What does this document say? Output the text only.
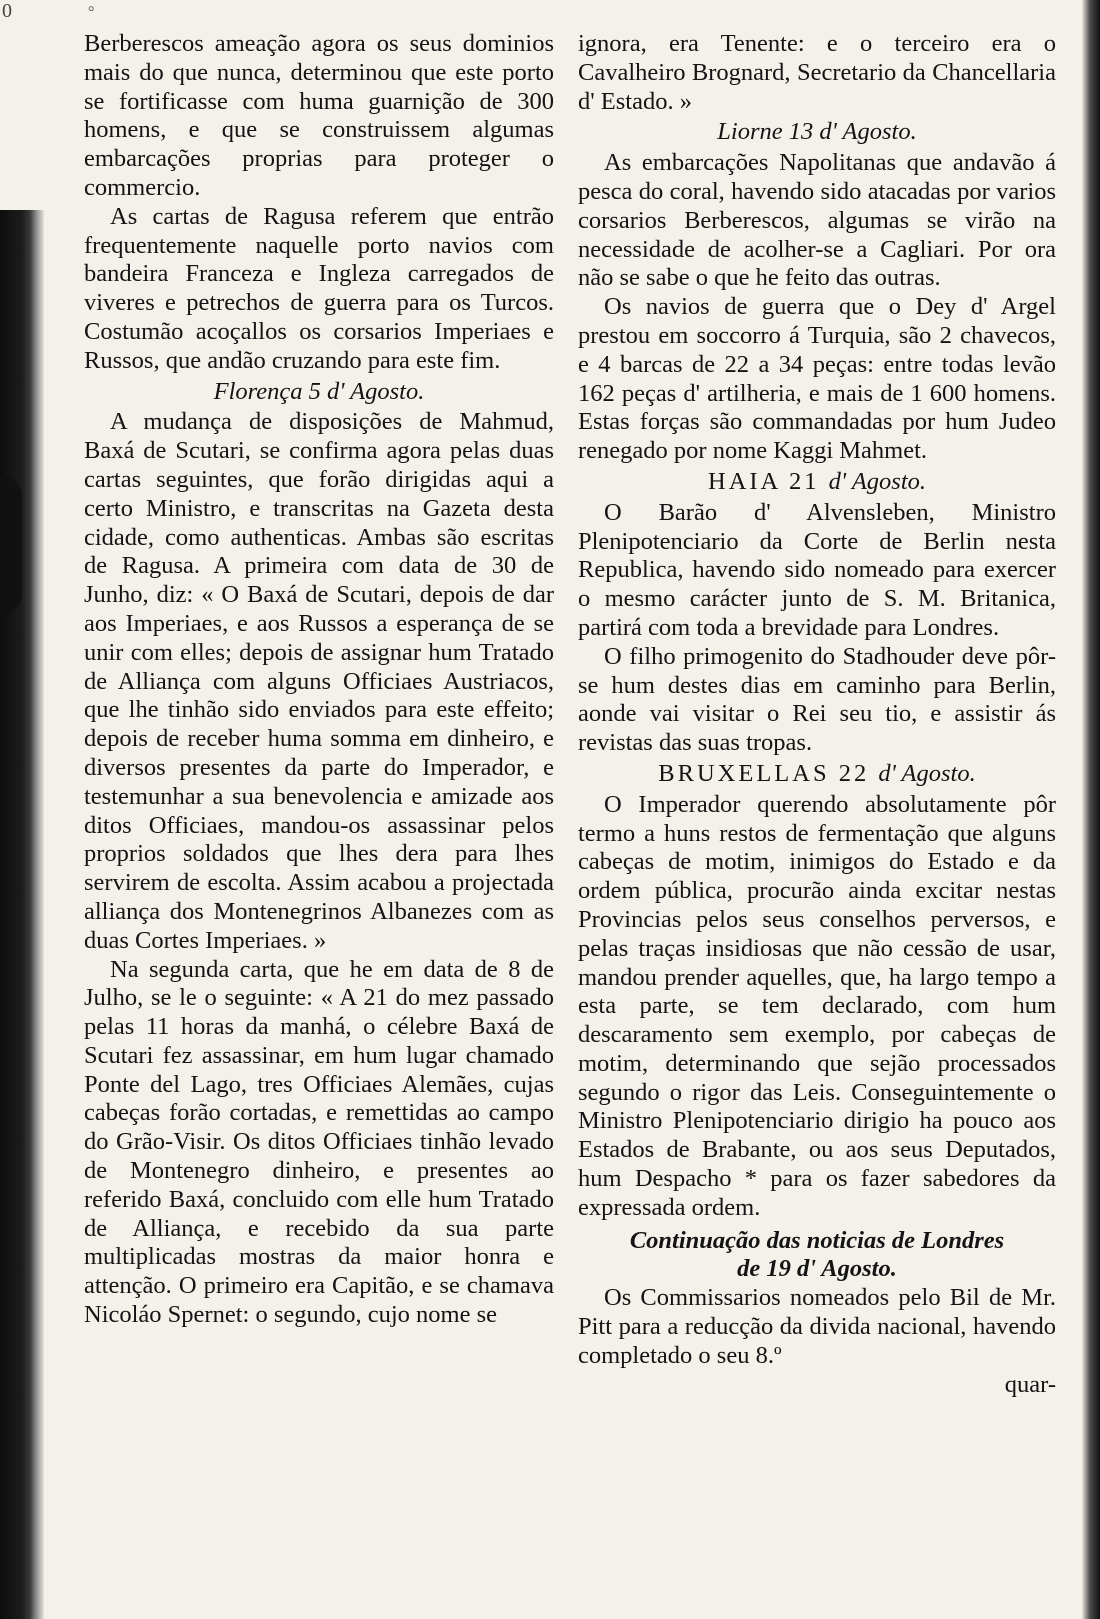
0	°

Berberescos ameação agora os seus dominios mais do que nunca, determinou que este porto se fortificasse com huma guarnição de 300 homens, e que se construissem algumas embarcações proprias para proteger o commercio.

As cartas de Ragusa referem que entrão frequentemente naquelle porto navios com bandeira Franceza e Ingleza carregados de viveres e petrechos de guerra para os Turcos. Costumão acoçallos os corsarios Imperiaes e Russos, que andão cruzando para este fim.

Florença 5 d' Agosto.

A mudança de disposições de Mahmud, Baxá de Scutari, se confirma agora pelas duas cartas seguintes, que forão dirigidas aqui a certo Ministro, e transcritas na Gazeta desta cidade, como authenticas. Ambas são escritas de Ragusa. A primeira com data de 30 de Junho, diz: « O Baxá de Scutari, depois de dar aos Imperiaes, e aos Russos a esperança de se unir com elles; depois de assignar hum Tratado de Alliança com alguns Officiaes Austriacos, que lhe tinhão sido enviados para este effeito; depois de receber huma somma em dinheiro, e diversos presentes da parte do Imperador, e testemunhar a sua benevolencia e amizade aos ditos Officiaes, mandou-os assassinar pelos proprios soldados que lhes dera para lhes servirem de escolta. Assim acabou a projectada alliança dos Montenegrinos Albanezes com as duas Cortes Imperiaes. »

Na segunda carta, que he em data de 8 de Julho, se le o seguinte: « A 21 do mez passado pelas 11 horas da manhá, o célebre Baxá de Scutari fez assassinar, em hum lugar chamado Ponte del Lago, tres Officiaes Alemães, cujas cabeças forão cortadas, e remettidas ao campo do Grão-Visir. Os ditos Officiaes tinhão levado de Montenegro dinheiro, e presentes ao referido Baxá, concluido com elle hum Tratado de Alliança, e recebido da sua parte multiplicadas mostras da maior honra e attenção. O primeiro era Capitão, e se chamava Nicoláo Spernet: o segundo, cujo nome se

ignora, era Tenente: e o terceiro era o Cavalheiro Brognard, Secretario da Chancellaria d' Estado. »

Liorne 13 d' Agosto.

As embarcações Napolitanas que andavão á pesca do coral, havendo sido atacadas por varios corsarios Berberescos, algumas se virão na necessidade de acolher-se a Cagliari. Por ora não se sabe o que he feito das outras.

Os navios de guerra que o Dey d' Argel prestou em soccorro á Turquia, são 2 chavecos, e 4 barcas de 22 a 34 peças: entre todas levão 162 peças d' artilheria, e mais de 1 600 homens. Estas forças são commandadas por hum Judeo renegado por nome Kaggi Mahmet.

HAIA 21 d' Agosto.

O Barão d' Alvensleben, Ministro Plenipotenciario da Corte de Berlin nesta Republica, havendo sido nomeado para exercer o mesmo carácter junto de S. M. Britanica, partirá com toda a brevidade para Londres.

O filho primogenito do Stadhouder deve pôr-se hum destes dias em caminho para Berlin, aonde vai visitar o Rei seu tio, e assistir ás revistas das suas tropas.

BRUXELLAS 22 d' Agosto.

O Imperador querendo absolutamente pôr termo a huns restos de fermentação que alguns cabeças de motim, inimigos do Estado e da ordem pública, procurão ainda excitar nestas Provincias pelos seus conselhos perversos, e pelas traças insidiosas que não cessão de usar, mandou prender aquelles, que, ha largo tempo a esta parte, se tem declarado, com hum descaramento sem exemplo, por cabeças de motim, determinando que sejão processados segundo o rigor das Leis. Conseguintemente o Ministro Plenipotenciario dirigio ha pouco aos Estados de Brabante, ou aos seus Deputados, hum Despacho * para os fazer sabedores da expressada ordem.

Continuação das noticias de Londres

de 19 d' Agosto.

Os Commissarios nomeados pelo Bil de Mr. Pitt para a reducção da divida nacional, havendo completado o seu 8.º

quar-
